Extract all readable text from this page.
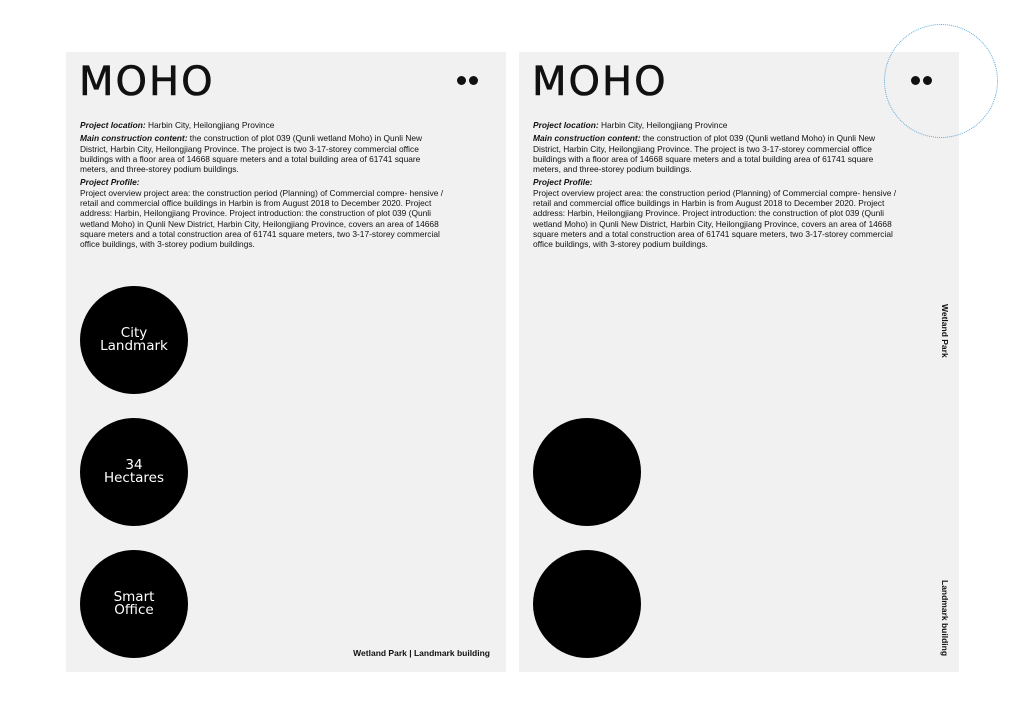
MOHO

Project location: Harbin City, Heilongjiang Province

Main construction content: the construction of plot 039 (Qunli wetland Moho) in Qunli New District, Harbin City, Heilongjiang Province. The project is two 3-17-storey commercial office buildings with a floor area of 14668 square meters and a total building area of 61741 square meters, and three-storey podium buildings.

Project Profile:
Project overview project area: the construction period (Planning) of Commercial compre- hensive / retail and commercial office buildings in Harbin is from August 2018 to December 2020. Project address: Harbin, Heilongjiang Province. Project introduction: the construction of plot 039 (Qunli wetland Moho) in Qunli New District, Harbin City, Heilongjiang Province, covers an area of 14668 square meters and a total construction area of 61741 square meters, two 3-17-storey commercial office buildings, with 3-storey podium buildings.

City
Landmark
34
Hectares
Smart
Office
Wetland Park | Landmark building
MOHO

Project location: Harbin City, Heilongjiang Province

Main construction content: the construction of plot 039 (Qunli wetland Moho) in Qunli New District, Harbin City, Heilongjiang Province. The project is two 3-17-storey commercial office buildings with a floor area of 14668 square meters and a total building area of 61741 square meters, and three-storey podium buildings.

Project Profile:
Project overview project area: the construction period (Planning) of Commercial compre- hensive / retail and commercial office buildings in Harbin is from August 2018 to December 2020. Project address: Harbin, Heilongjiang Province. Project introduction: the construction of plot 039 (Qunli wetland Moho) in Qunli New District, Harbin City, Heilongjiang Province, covers an area of 14668 square meters and a total construction area of 61741 square meters, two 3-17-storey commercial office buildings, with 3-storey podium buildings.

Wetland Park
Landmark building
